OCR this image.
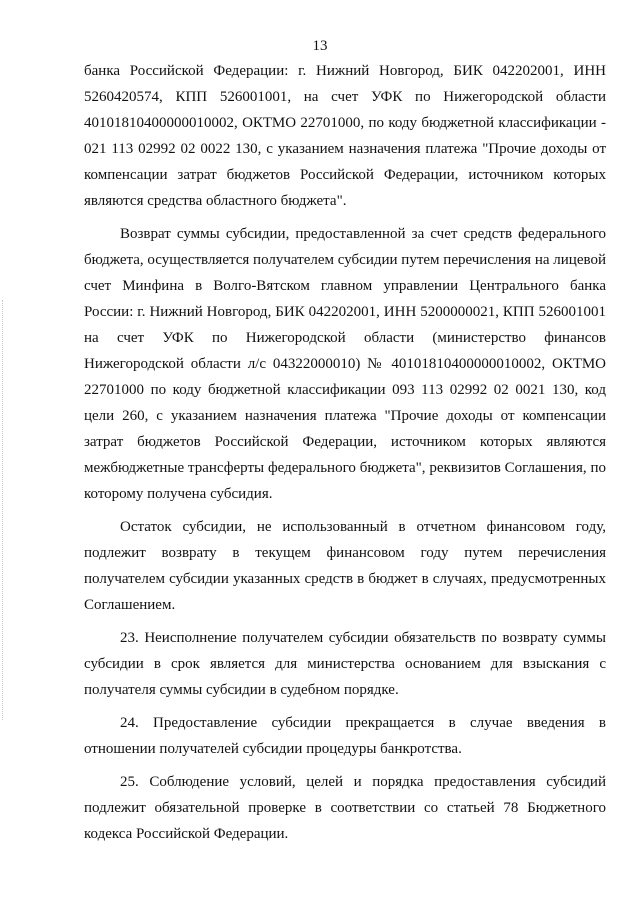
13

банка Российской Федерации: г. Нижний Новгород, БИК 042202001, ИНН 5260420574, КПП 526001001, на счет УФК по Нижегородской области 40101810400000010002, ОКТМО 22701000, по коду бюджетной классификации - 021 113 02992 02 0022 130, с указанием назначения платежа "Прочие доходы от компенсации затрат бюджетов Российской Федерации, источником которых являются средства областного бюджета".

Возврат суммы субсидии, предоставленной за счет средств федерального бюджета, осуществляется получателем субсидии путем перечисления на лицевой счет Минфина в Волго-Вятском главном управлении Центрального банка России: г. Нижний Новгород, БИК 042202001, ИНН 5200000021, КПП 526001001 на счет УФК по Нижегородской области (министерство финансов Нижегородской области л/с 04322000010) № 40101810400000010002, ОКТМО 22701000 по коду бюджетной классификации 093 113 02992 02 0021 130, код цели 260, с указанием назначения платежа "Прочие доходы от компенсации затрат бюджетов Российской Федерации, источником которых являются межбюджетные трансферты федерального бюджета", реквизитов Соглашения, по которому получена субсидия.

Остаток субсидии, не использованный в отчетном финансовом году, подлежит возврату в текущем финансовом году путем перечисления получателем субсидии указанных средств в бюджет в случаях, предусмотренных Соглашением.

23. Неисполнение получателем субсидии обязательств по возврату суммы субсидии в срок является для министерства основанием для взыскания с получателя суммы субсидии в судебном порядке.

24. Предоставление субсидии прекращается в случае введения в отношении получателей субсидии процедуры банкротства.

25. Соблюдение условий, целей и порядка предоставления субсидий подлежит обязательной проверке в соответствии со статьей 78 Бюджетного кодекса Российской Федерации.
